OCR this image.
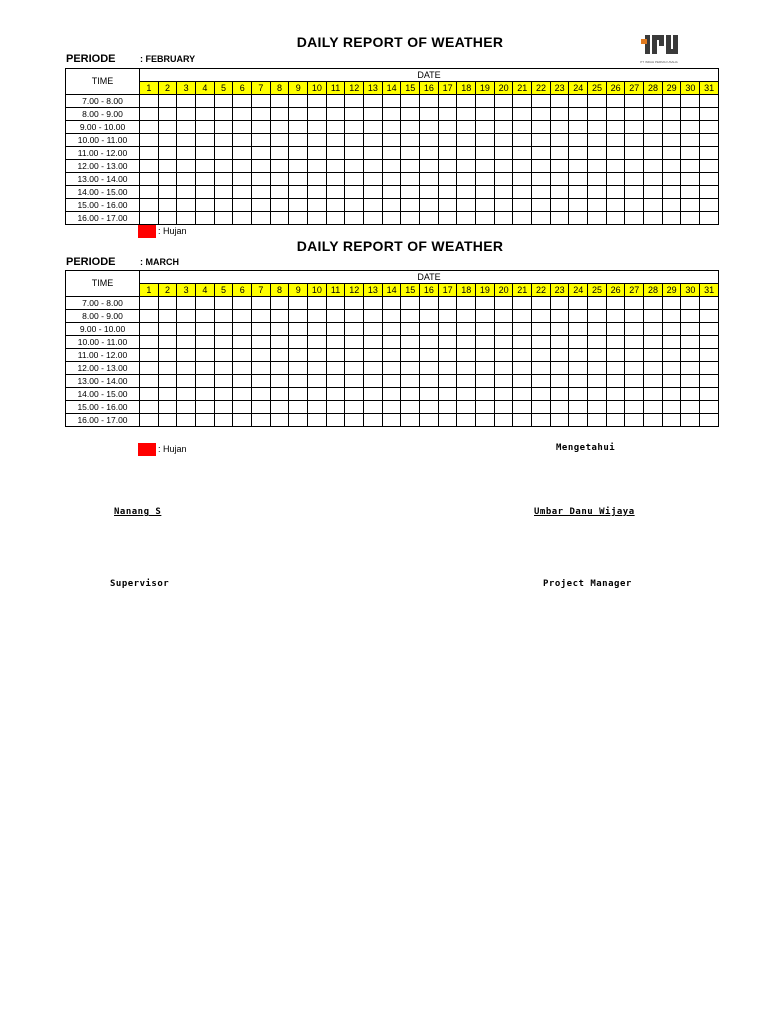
PT INDAH PERMAI USAHA
DAILY REPORT OF WEATHER
PERIODE	: FEBRUARY
TIME	DATE																														
	1	2	3	4	5	6	7	8	9	10	11	12	13	14	15	16	17	18	19	20	21	22	23	24	25	26	27	28	29	30	31
7.00 - 8.00																															
8.00 - 9.00																															
9.00 - 10.00																															
10.00 - 11.00																															
11.00 - 12.00																															
12.00 - 13.00																															
13.00 - 14.00																															
14.00 - 15.00																															
15.00 - 16.00																															
16.00 - 17.00																															
: Hujan
DAILY REPORT OF WEATHER
PERIODE	: MARCH
TIME	DATE																														
	1	2	3	4	5	6	7	8	9	10	11	12	13	14	15	16	17	18	19	20	21	22	23	24	25	26	27	28	29	30	31
7.00 - 8.00																															
8.00 - 9.00																															
9.00 - 10.00																															
10.00 - 11.00																															
11.00 - 12.00																															
12.00 - 13.00																															
13.00 - 14.00																															
14.00 - 15.00																															
15.00 - 16.00																															
16.00 - 17.00																															
: Hujan	Mengetahui
Nanang S	Umbar Danu Wijaya
Supervisor	Project Manager
